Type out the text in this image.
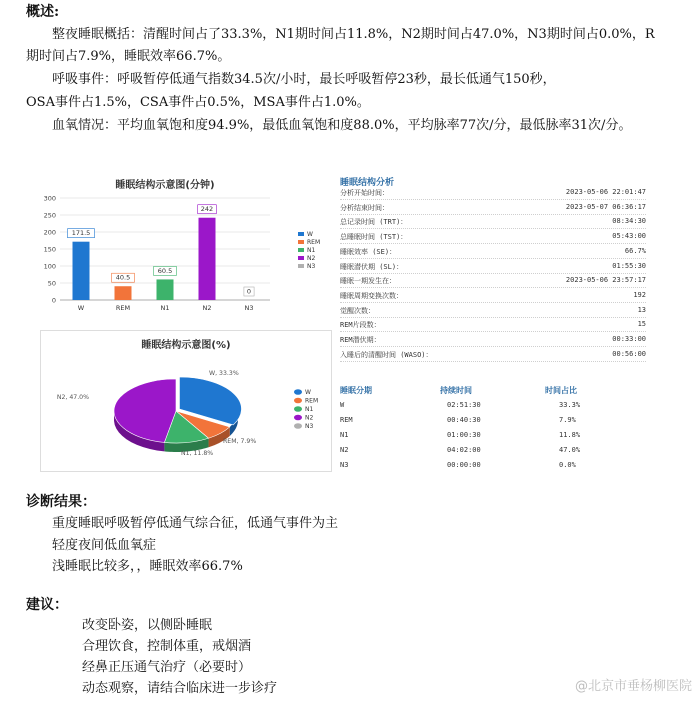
概述:
整夜睡眠概括：清醒时间占了33.3%，N1期时间占11.8%，N2期时间占47.0%，N3期时间占0.0%，R
期时间占7.9%，睡眠效率66.7%。
呼吸事件：呼吸暂停低通气指数34.5次/小时，最长呼吸暂停23秒，最长低通气150秒，
OSA事件占1.5%，CSA事件占0.5%，MSA事件占1.0%。
血氧情况：平均血氧饱和度94.9%，最低血氧饱和度88.0%，平均脉率77次/分，最低脉率31次/分。
睡眠结构示意图(分钟)
0
50
100
150
200
250
300
171.5
W
40.5
REM
60.5
N1
242
N2
0
N3
W
REM
N1
N2
N3
睡眠结构示意图(%)
W, 33.3%
REM, 7.9%
N1, 11.8%
N2, 47.0%
W
REM
N1
N2
N3
睡眠结构分析
分析开始时间：	2023-05-06 22:01:47
分析结束时间：	2023-05-07 06:36:17
总记录时间 (TRT)：	08:34:30
总睡眠时间 (TST)：	05:43:00
睡眠效率 (SE)：	66.7%
睡眠潜伏期 (SL)：	01:55:30
睡眠一期发生在：	2023-05-06 23:57:17
睡眠周期变换次数：	192
觉醒次数：	13
REM片段数：	15
REM潜伏期：	00:33:00
入睡后的清醒时间 (WASO)：	00:56:00
睡眠分期	持续时间	时间占比
W	02:51:30	33.3%
REM	00:40:30	7.9%
N1	01:00:30	11.8%
N2	04:02:00	47.0%
N3	00:00:00	0.0%
诊断结果：
重度睡眠呼吸暂停低通气综合征，低通气事件为主
轻度夜间低血氧症
浅睡眠比较多，，睡眠效率66.7%
建议：
改变卧姿，以侧卧睡眠
合理饮食，控制体重，戒烟酒
经鼻正压通气治疗（必要时）
动态观察，请结合临床进一步诊疗	@北京市垂杨柳医院
